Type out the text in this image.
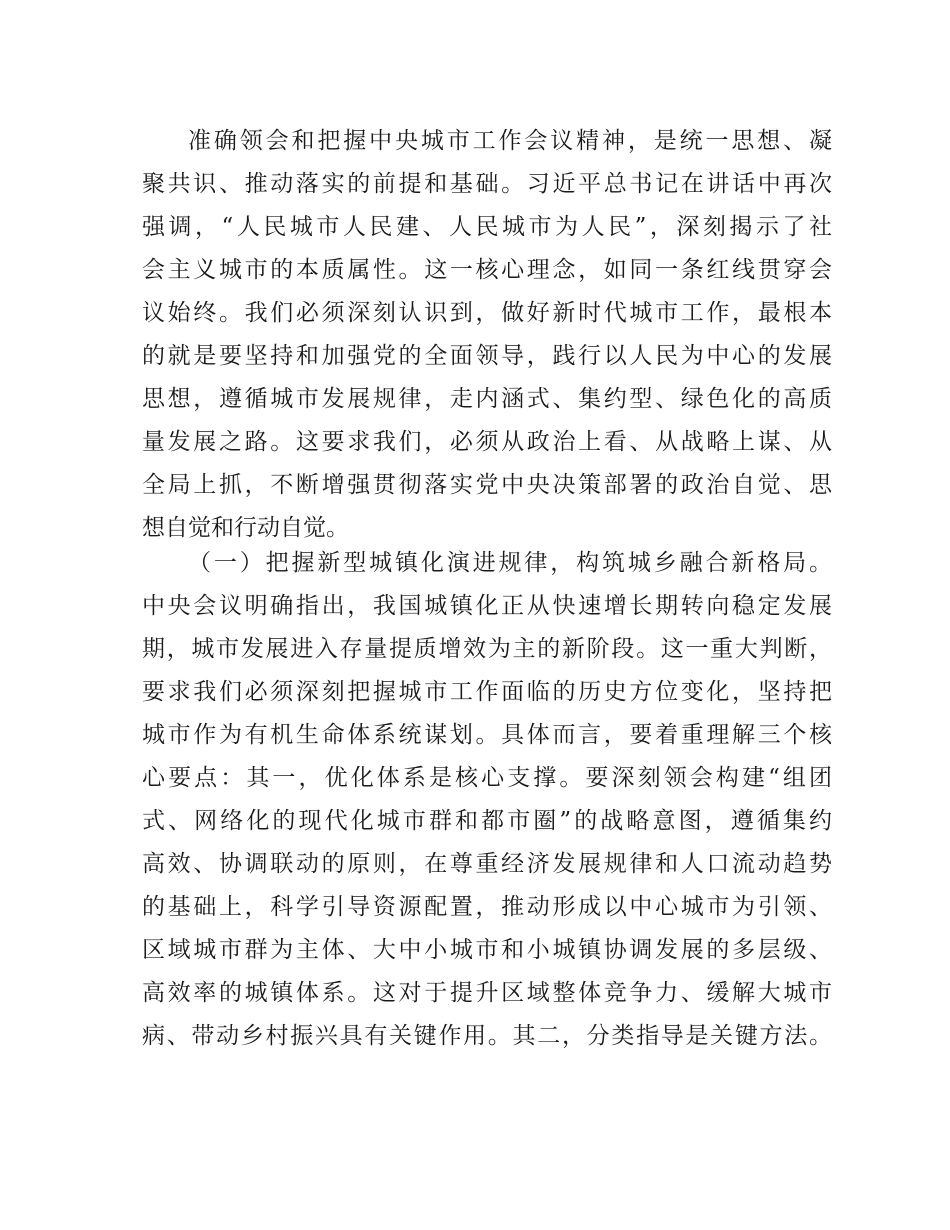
准确领会和把握中央城市工作会议精神，是统一思想、凝
聚共识、推动落实的前提和基础。习近平总书记在讲话中再次
强调，“人民城市人民建、人民城市为人民”，深刻揭示了社
会主义城市的本质属性。这一核心理念，如同一条红线贯穿会
议始终。我们必须深刻认识到，做好新时代城市工作，最根本
的就是要坚持和加强党的全面领导，践行以人民为中心的发展
思想，遵循城市发展规律，走内涵式、集约型、绿色化的高质
量发展之路。这要求我们，必须从政治上看、从战略上谋、从
全局上抓，不断增强贯彻落实党中央决策部署的政治自觉、思
想自觉和行动自觉。
（一）把握新型城镇化演进规律，构筑城乡融合新格局。
中央会议明确指出，我国城镇化正从快速增长期转向稳定发展
期，城市发展进入存量提质增效为主的新阶段。这一重大判断，
要求我们必须深刻把握城市工作面临的历史方位变化，坚持把
城市作为有机生命体系统谋划。具体而言，要着重理解三个核
心要点：其一，优化体系是核心支撑。要深刻领会构建“组团
式、网络化的现代化城市群和都市圈”的战略意图，遵循集约
高效、协调联动的原则，在尊重经济发展规律和人口流动趋势
的基础上，科学引导资源配置，推动形成以中心城市为引领、
区域城市群为主体、大中小城市和小城镇协调发展的多层级、
高效率的城镇体系。这对于提升区域整体竞争力、缓解大城市
病、带动乡村振兴具有关键作用。其二，分类指导是关键方法。
